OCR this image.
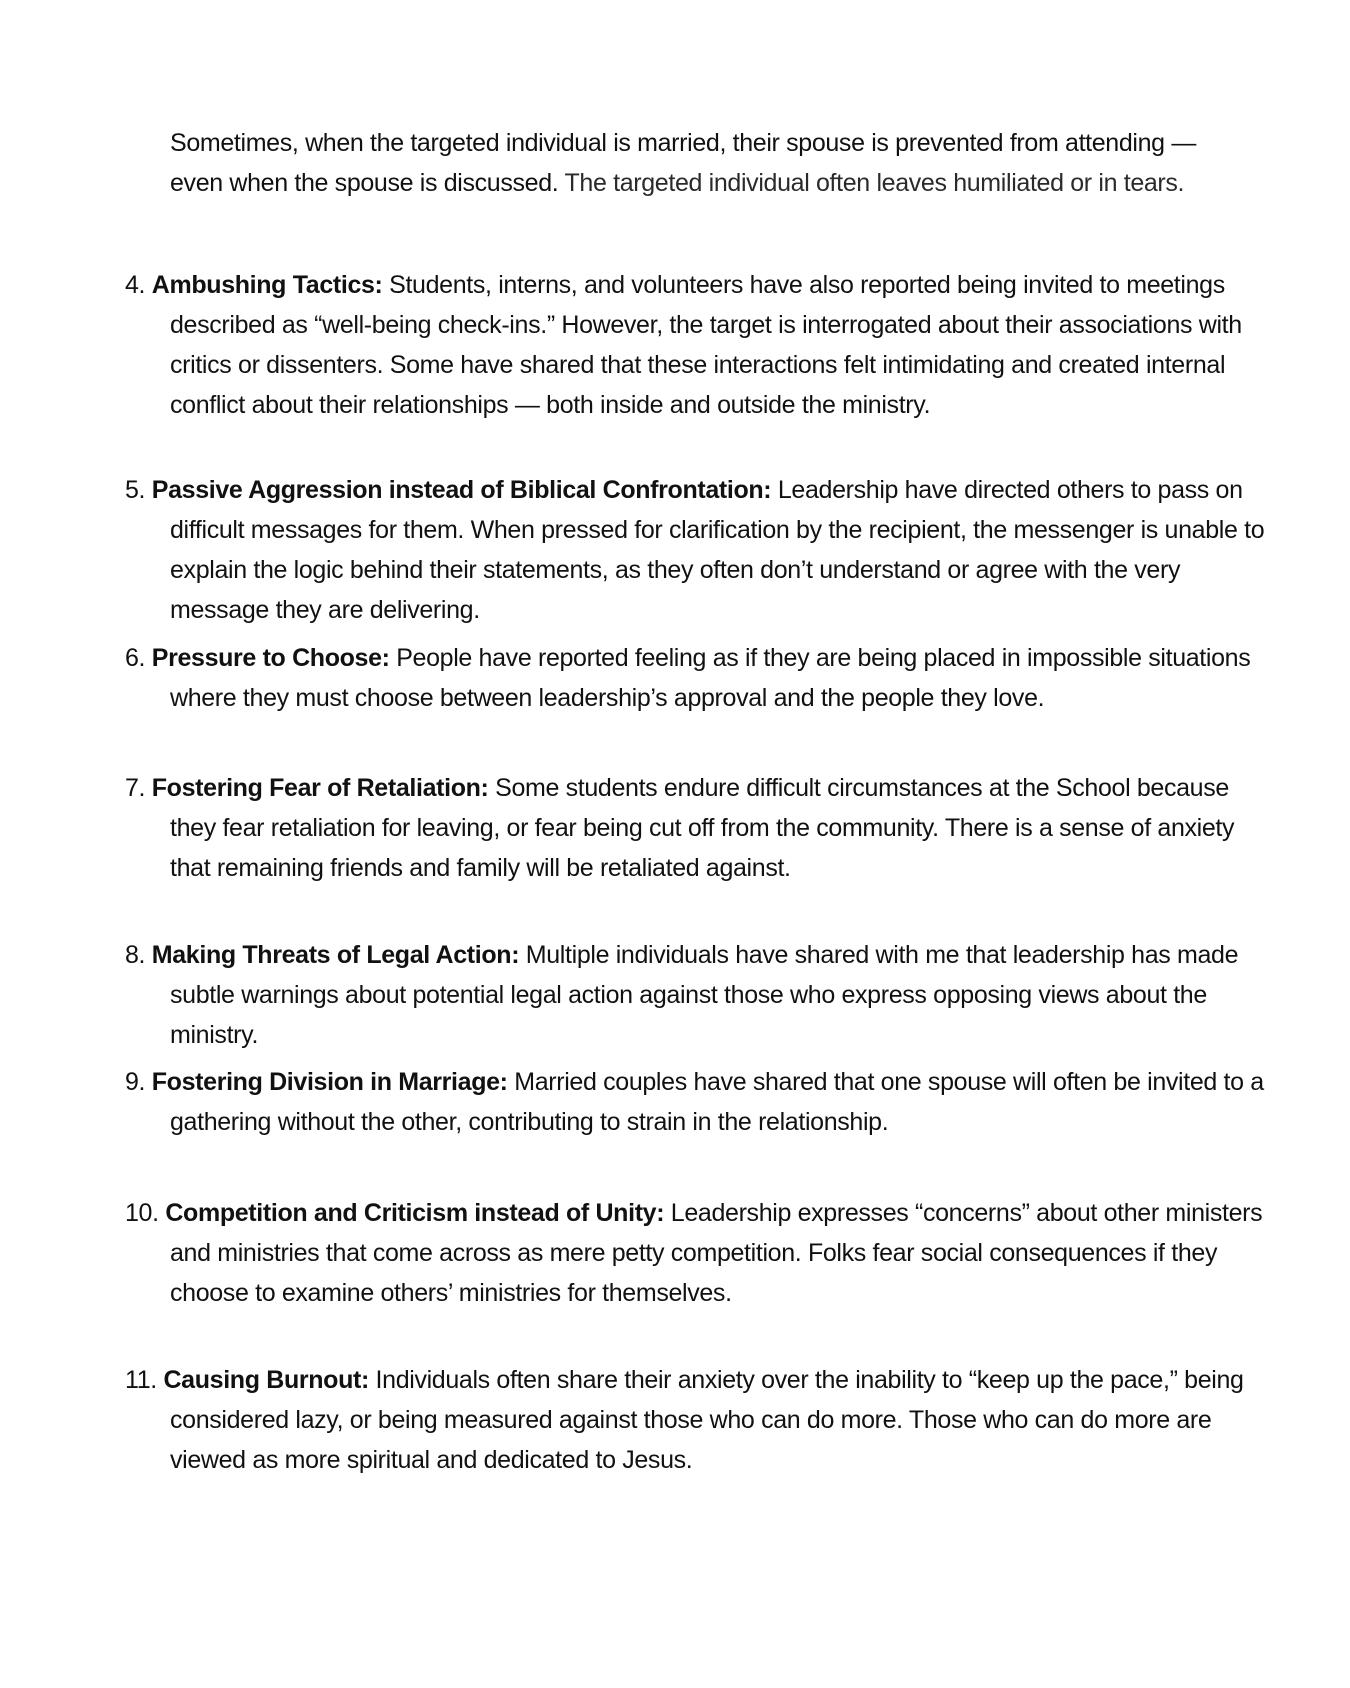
Sometimes, when the targeted individual is married, their spouse is prevented from attending — even when the spouse is discussed. The targeted individual often leaves humiliated or in tears.

4. Ambushing Tactics: Students, interns, and volunteers have also reported being invited to meetings described as “well-being check-ins.” However, the target is interrogated about their associations with critics or dissenters. Some have shared that these interactions felt intimidating and created internal conflict about their relationships — both inside and outside the ministry.
5. Passive Aggression instead of Biblical Confrontation: Leadership have directed others to pass on difficult messages for them. When pressed for clarification by the recipient, the messenger is unable to explain the logic behind their statements, as they often don’t understand or agree with the very message they are delivering.
6. Pressure to Choose: People have reported feeling as if they are being placed in impossible situations where they must choose between leadership’s approval and the people they love.
7. Fostering Fear of Retaliation: Some students endure difficult circumstances at the School because they fear retaliation for leaving, or fear being cut off from the community. There is a sense of anxiety that remaining friends and family will be retaliated against.
8. Making Threats of Legal Action: Multiple individuals have shared with me that leadership has made subtle warnings about potential legal action against those who express opposing views about the ministry.
9. Fostering Division in Marriage: Married couples have shared that one spouse will often be invited to a gathering without the other, contributing to strain in the relationship.
10. Competition and Criticism instead of Unity: Leadership expresses “concerns” about other ministers and ministries that come across as mere petty competition. Folks fear social consequences if they choose to examine others’ ministries for themselves.
11. Causing Burnout: Individuals often share their anxiety over the inability to “keep up the pace,” being considered lazy, or being measured against those who can do more. Those who can do more are viewed as more spiritual and dedicated to Jesus.
